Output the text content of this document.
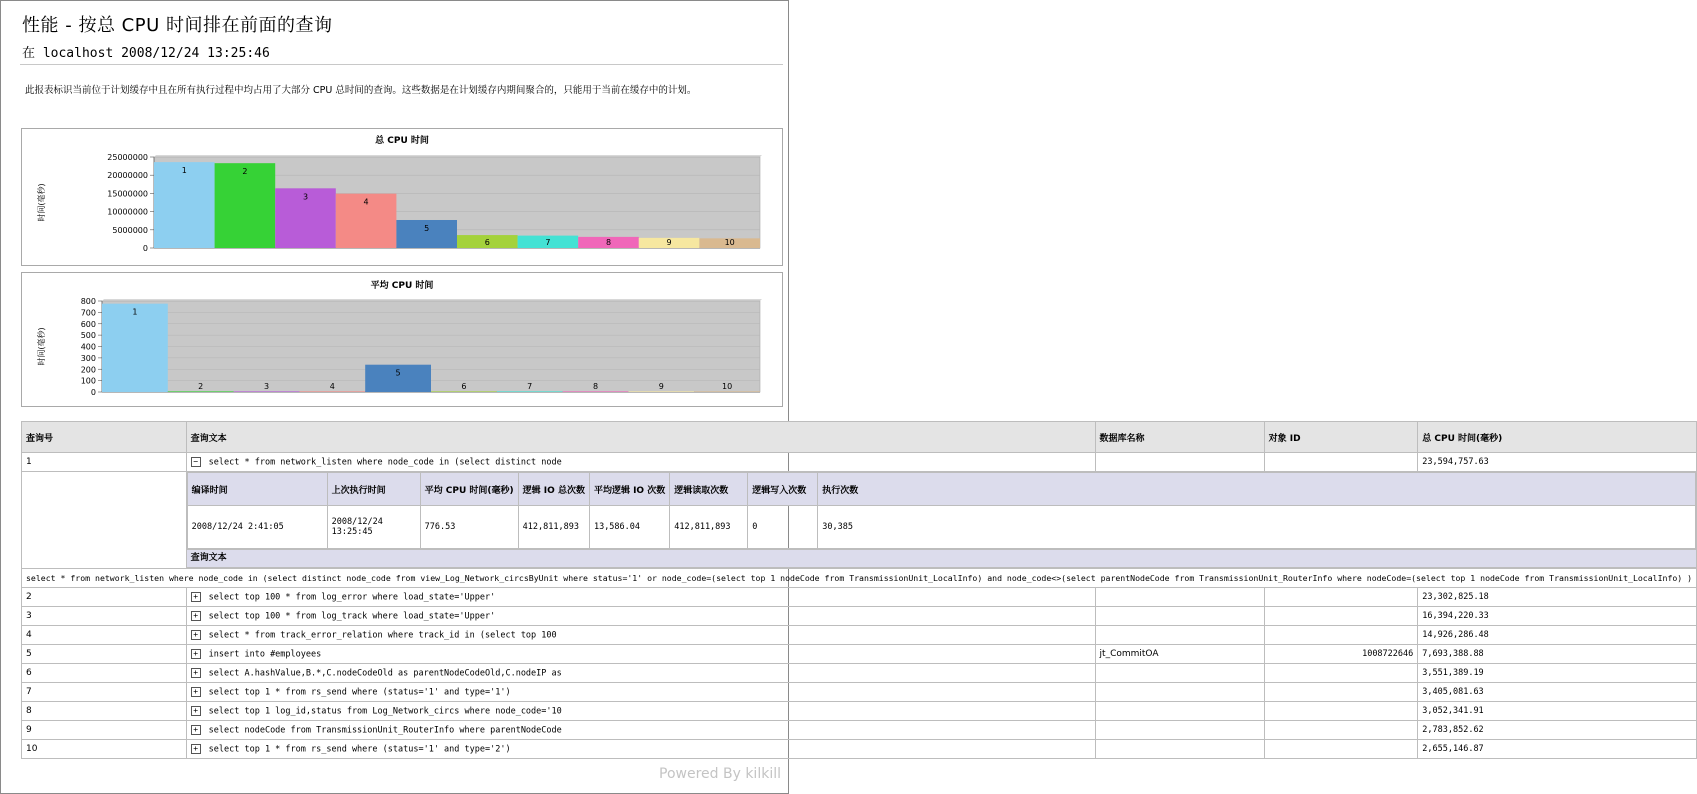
性能 - 按总 CPU 时间排在前面的查询
在 localhost 2008/12/24 13:25:46
此报表标识当前位于计划缓存中且在所有执行过程中均占用了大部分 CPU 总时间的查询。这些数据是在计划缓存内期间聚合的，只能用于当前在缓存中的计划。
总 CPU 时间
0
5000000
10000000
15000000
20000000
25000000
时间(毫秒)
1	2
3
4
5
6	7	8	9	10
平均 CPU 时间
0
100
200
300
400
500
600
700
800
时间(毫秒)
1
2	3	4
5
6	7	8	9	10
查询号	查询文本	数据库名称	对象 ID	总 CPU 时间(毫秒)
1	− select * from network_listen where node_code in (select distinct node			23,594,757.63

编译时间	上次执行时间	平均 CPU 时间(毫秒)	逻辑 IO 总次数	平均逻辑 IO 次数	逻辑读取次数	逻辑写入次数	执行次数
2008/12/24 2:41:05	2008/12/24 13:25:45	776.53	412,811,893	13,586.04	412,811,893	0	30,385
查询文本

select * from network_listen where node_code in (select distinct node_code from view_Log_Network_circsByUnit where status='1' or node_code=(select top 1 nodeCode from TransmissionUnit_LocalInfo) and node_code<>(select parentNodeCode from TransmissionUnit_RouterInfo where nodeCode=(select top 1 nodeCode from TransmissionUnit_LocalInfo) )
2	+ select top 100 * from log_error where load_state='Upper'			23,302,825.18
3	+ select top 100 * from log_track where load_state='Upper'			16,394,220.33
4	+ select * from track_error_relation where track_id in (select top 100			14,926,286.48
5	+ insert into #employees	jt_CommitOA	1008722646	7,693,388.88
6	+ select A.hashValue,B.*,C.nodeCodeOld as parentNodeCodeOld,C.nodeIP as			3,551,389.19
7	+ select top 1 * from rs_send where (status='1' and type='1')			3,405,081.63
8	+ select top 1 log_id,status from Log_Network_circs where node_code='10			3,052,341.91
9	+ select nodeCode from TransmissionUnit_RouterInfo where parentNodeCode			2,783,852.62
10	+ select top 1 * from rs_send where (status='1' and type='2')			2,655,146.87
Powered By kilkill
